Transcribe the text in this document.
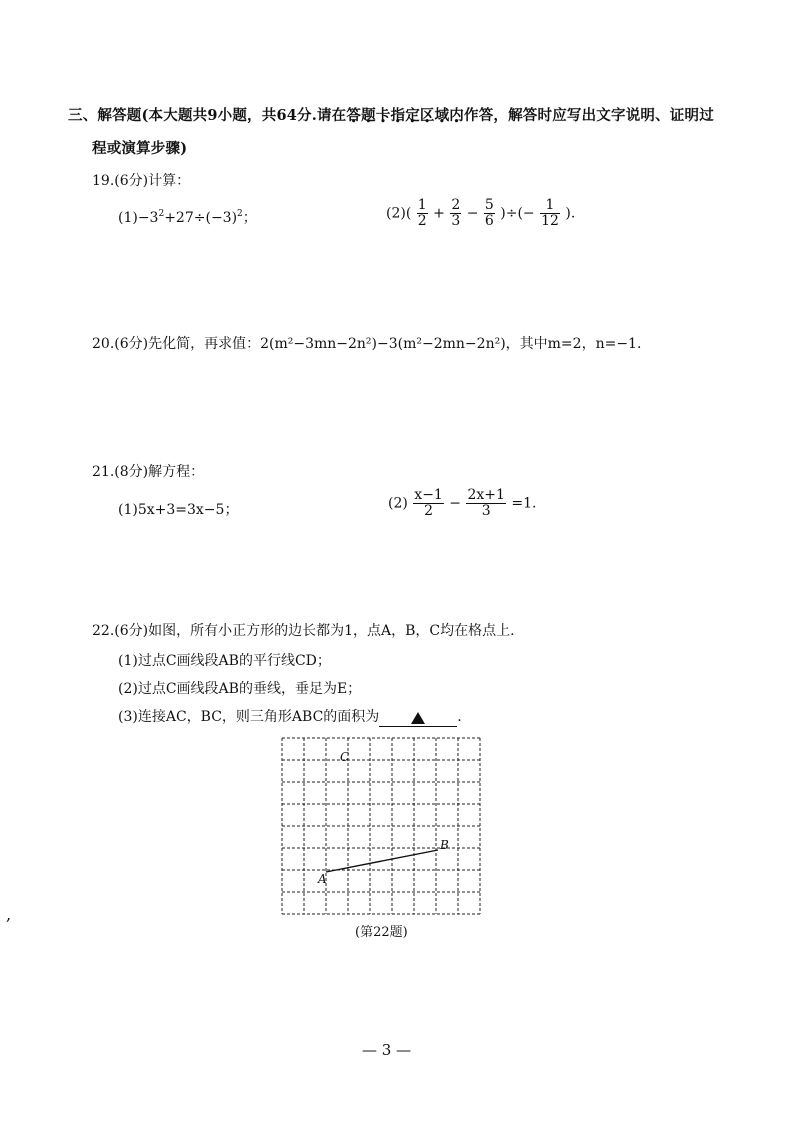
三、解答题(本大题共9小题，共64分.请在答题卡指定区域内作答，解答时应写出文字说明、证明过
程或演算步骤)
19.(6分)计算：
$(1)-3^2+27\div(-3)^2$；	$(2)( \frac{1}{2} + \frac{2}{3} - \frac{5}{6}$ )÷(− $\frac{1}{12}$ ).
20.(6分)先化简，再求值：2(m²−3mn−2n²)−3(m²−2mn−2n²)，其中m=2，n=−1.
21.(8分)解方程：
(1)5x+3=3x−5；	$(2) \frac{x-1}{2} - \frac{2x+1}{3} =1$.
22.(6分)如图，所有小正方形的边长都为1，点A，B，C均在格点上.
(1)过点C画线段AB的平行线CD；
(2)过点C画线段AB的垂线，垂足为E；
(3)连接AC，BC，则三角形ABC的面积为	.
A
B
C
(第22题)
— 3 —
,
